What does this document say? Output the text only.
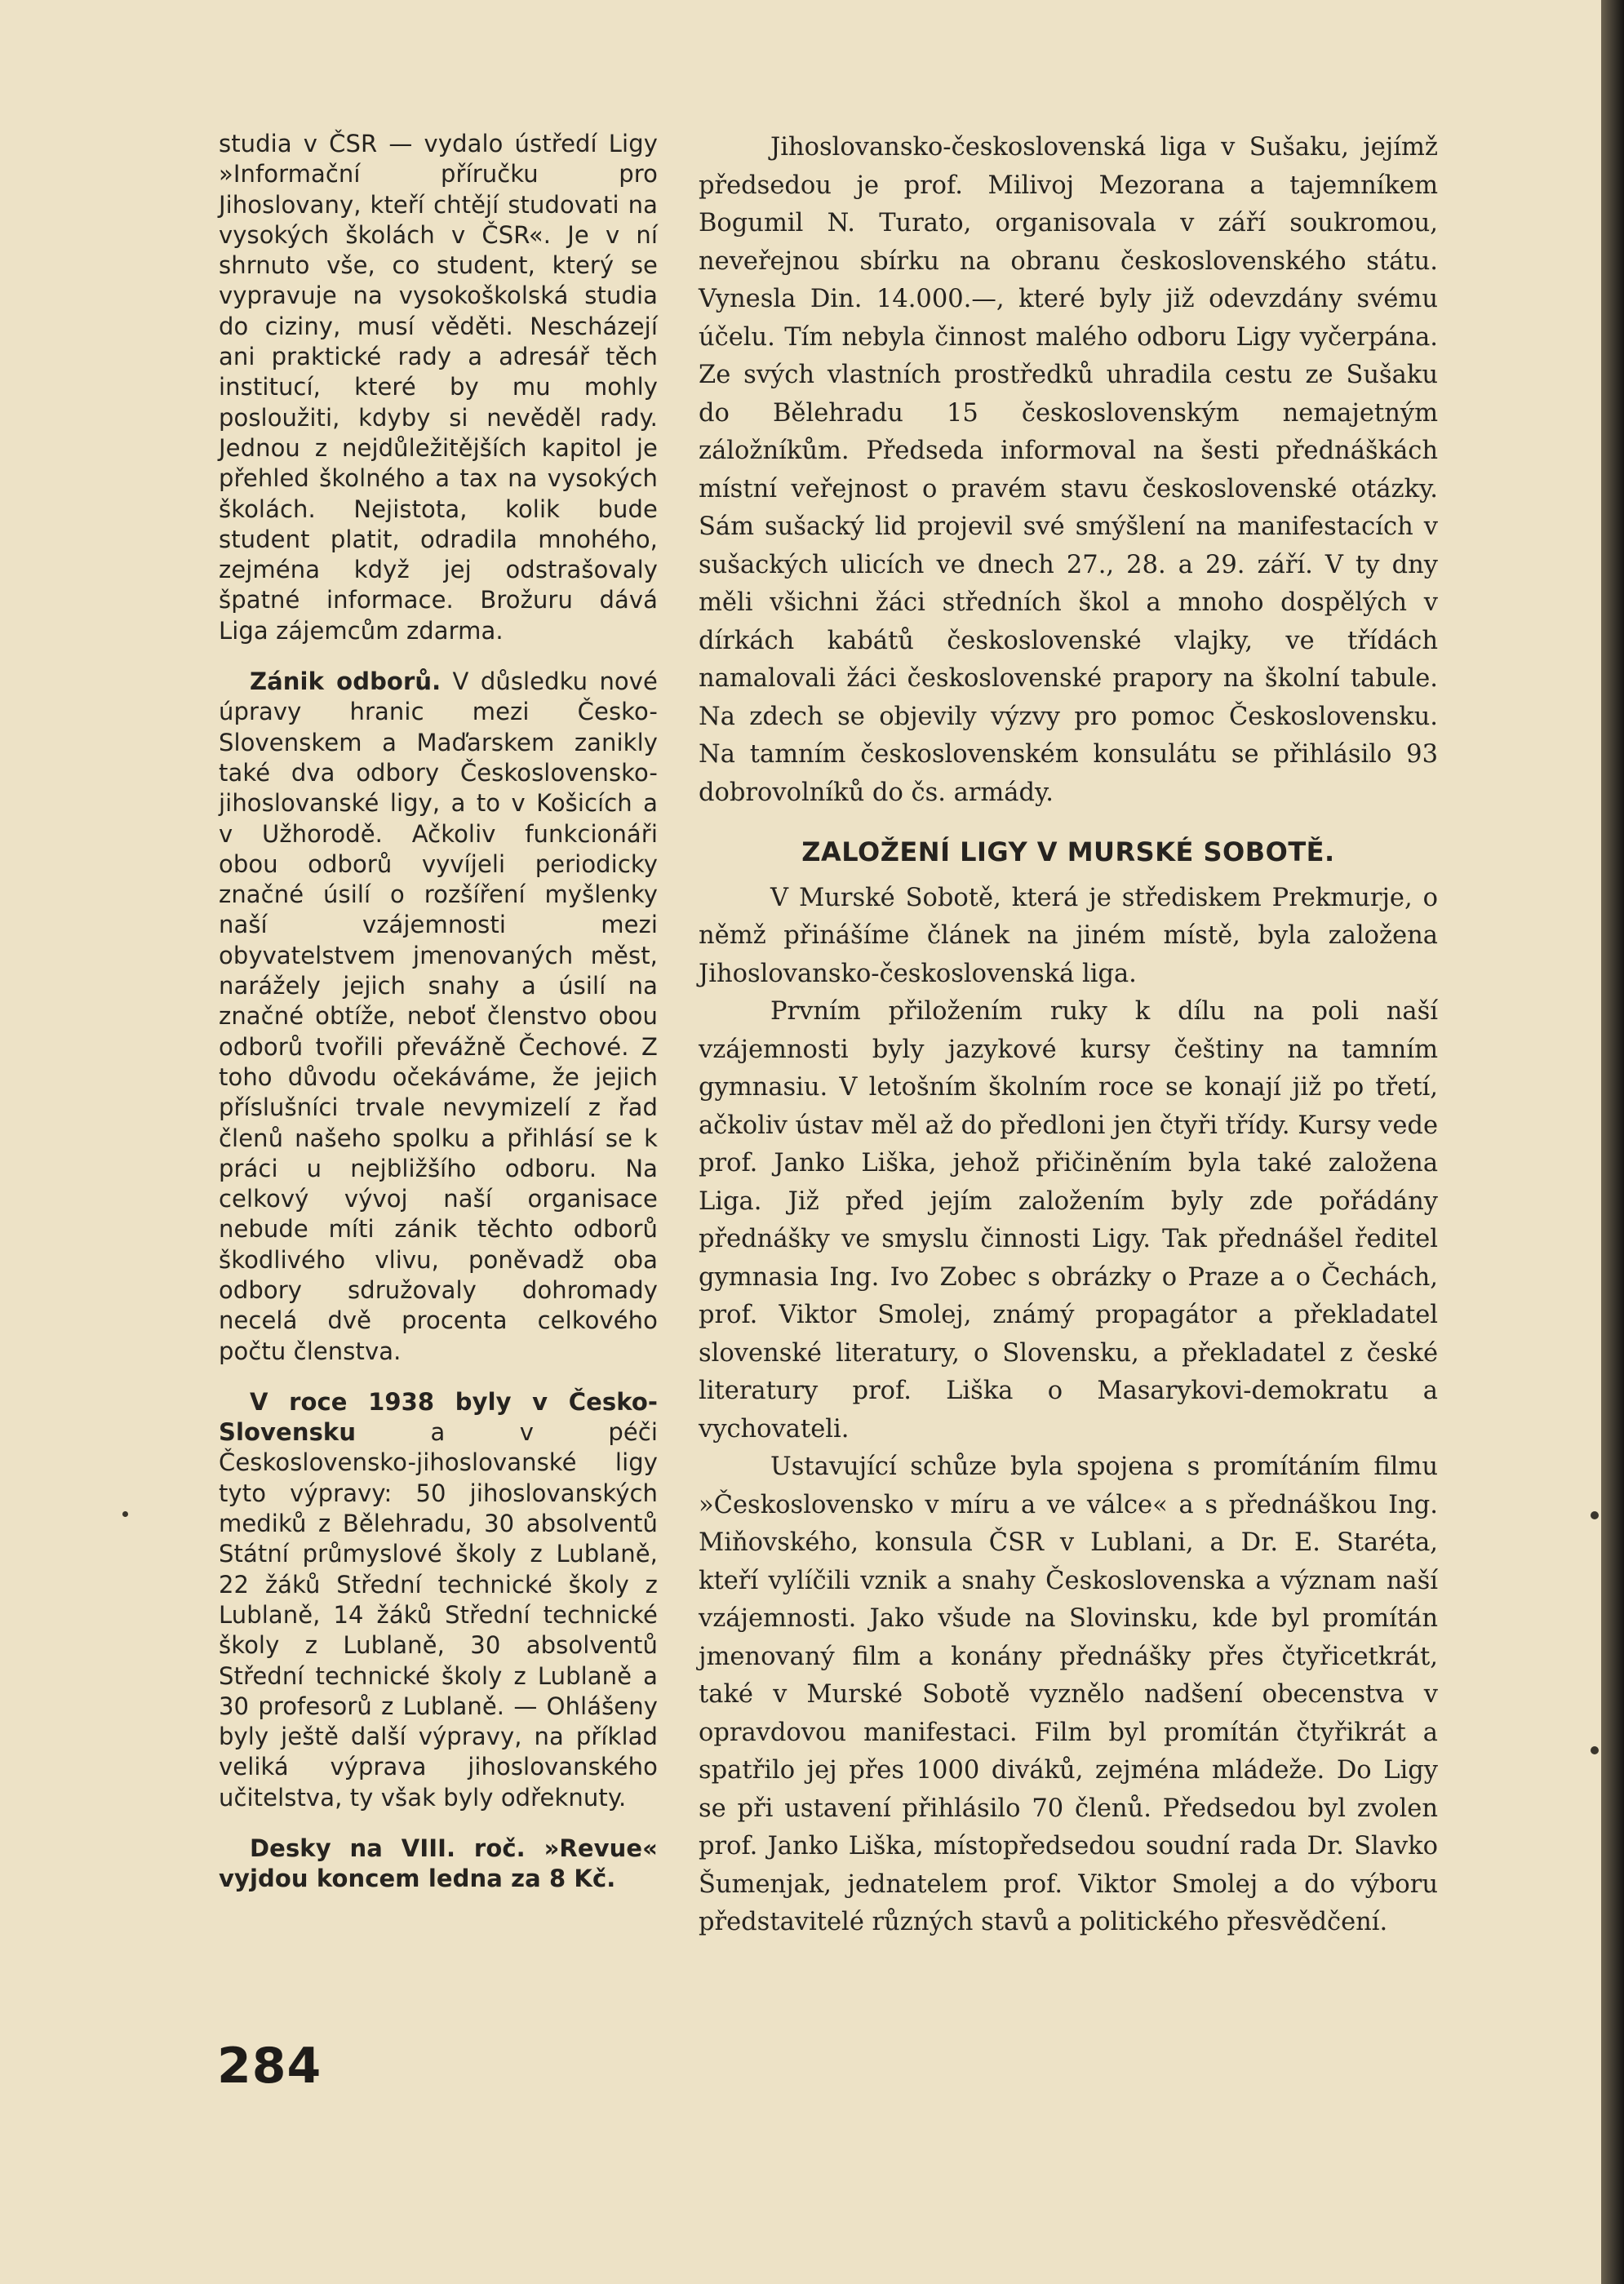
studia v ČSR — vydalo ústředí Ligy »Informační příručku pro Jihoslovany, kteří chtějí studovati na vysokých školách v ČSR«. Je v ní shrnuto vše, co student, který se vypravuje na vysokoškolská studia do ciziny, musí věděti. Nescházejí ani praktické rady a adresář těch institucí, které by mu mohly posloužiti, kdyby si nevěděl rady. Jednou z nejdůležitějších kapitol je přehled školného a tax na vysokých školách. Nejistota, kolik bude student platit, odradila mnohého, zejména když jej odstrašovaly špatné informace. Brožuru dává Liga zájemcům zdarma.

Zánik odborů. V důsledku nové úpravy hranic mezi Česko-Slovenskem a Maďarskem zanikly také dva odbory Československo-jihoslovanské ligy, a to v Košicích a v Užhorodě. Ačkoliv funkcionáři obou odborů vyvíjeli periodicky značné úsilí o rozšíření myšlenky naší vzájemnosti mezi obyvatelstvem jmenovaných měst, narážely jejich snahy a úsilí na značné obtíže, neboť členstvo obou odborů tvořili převážně Čechové. Z toho důvodu očekáváme, že jejich příslušníci trvale nevymizelí z řad členů našeho spolku a přihlásí se k práci u nejbližšího odboru. Na celkový vývoj naší organisace nebude míti zánik těchto odborů škodlivého vlivu, poněvadž oba odbory sdružovaly dohromady necelá dvě procenta celkového počtu členstva.

V roce 1938 byly v Česko-Slovensku a v péči Československo-jihoslovanské ligy tyto výpravy: 50 jihoslovanských mediků z Bělehradu, 30 absolventů Státní průmyslové školy z Lublaně, 22 žáků Střední technické školy z Lublaně, 14 žáků Střední technické školy z Lublaně, 30 absolventů Střední technické školy z Lublaně a 30 profesorů z Lublaně. — Ohlášeny byly ještě další výpravy, na příklad veliká výprava jihoslovanského učitelstva, ty však byly odřeknuty.

Desky na VIII. roč. »Revue« vyjdou koncem ledna za 8 Kč.

Jihoslovansko-československá liga v Sušaku, jejímž předsedou je prof. Milivoj Mezorana a tajemníkem Bogumil N. Turato, organisovala v září soukromou, neveřejnou sbírku na obranu československého státu. Vynesla Din. 14.000.—, které byly již odevzdány svému účelu. Tím nebyla činnost malého odboru Ligy vyčerpána. Ze svých vlastních prostředků uhradila cestu ze Sušaku do Bělehradu 15 československým nemajetným záložníkům. Předseda informoval na šesti přednáškách místní veřejnost o pravém stavu československé otázky. Sám sušacký lid projevil své smýšlení na manifestacích v sušackých ulicích ve dnech 27., 28. a 29. září. V ty dny měli všichni žáci středních škol a mnoho dospělých v dírkách kabátů československé vlajky, ve třídách namalovali žáci československé prapory na školní tabule. Na zdech se objevily výzvy pro pomoc Československu. Na tamním československém konsulátu se přihlásilo 93 dobrovolníků do čs. armády.

ZALOŽENÍ LIGY V MURSKÉ SOBOTĚ.

V Murské Sobotě, která je střediskem Prekmurje, o němž přinášíme článek na jiném místě, byla založena Jihoslovansko-československá liga.

Prvním přiložením ruky k dílu na poli naší vzájemnosti byly jazykové kursy češtiny na tamním gymnasiu. V letošním školním roce se konají již po třetí, ačkoliv ústav měl až do předloni jen čtyři třídy. Kursy vede prof. Janko Liška, jehož přičiněním byla také založena Liga. Již před jejím založením byly zde pořádány přednášky ve smyslu činnosti Ligy. Tak přednášel ředitel gymnasia Ing. Ivo Zobec s obrázky o Praze a o Čechách, prof. Viktor Smolej, známý propagátor a překladatel slovenské literatury, o Slovensku, a překladatel z české literatury prof. Liška o Masarykovi-demokratu a vychovateli.

Ustavující schůze byla spojena s promítáním filmu »Československo v míru a ve válce« a s přednáškou Ing. Miňovského, konsula ČSR v Lublani, a Dr. E. Staréta, kteří vylíčili vznik a snahy Československa a význam naší vzájemnosti. Jako všude na Slovinsku, kde byl promítán jmenovaný film a konány přednášky přes čtyřicetkrát, také v Murské Sobotě vyznělo nadšení obecenstva v opravdovou manifestaci. Film byl promítán čtyřikrát a spatřilo jej přes 1000 diváků, zejména mládeže. Do Ligy se při ustavení přihlásilo 70 členů. Předsedou byl zvolen prof. Janko Liška, místopředsedou soudní rada Dr. Slavko Šumenjak, jednatelem prof. Viktor Smolej a do výboru představitelé různých stavů a politického přesvědčení.

284
